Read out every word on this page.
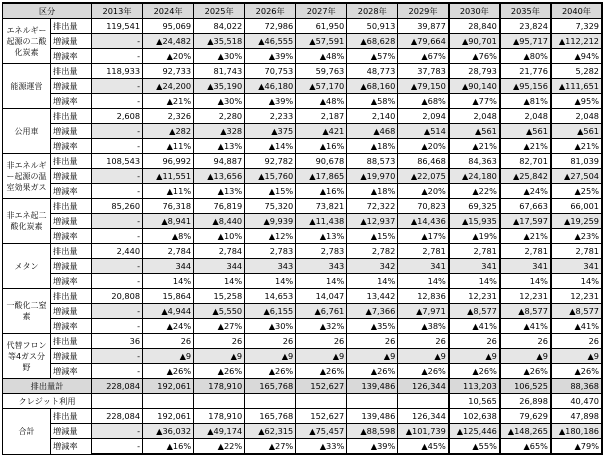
区分		2013年	2024年	2025年	2026年	2027年	2028年	2029年	2030年	2035年	2040年
エネルギー起源の二酸化炭素	排出量	119,541	95,069	84,022	72,986	61,950	50,913	39,877	28,840	23,824	7,329
	増減量	-	▲24,482	▲35,518	▲46,555	▲57,591	▲68,628	▲79,664	▲90,701	▲95,717	▲112,212
	増減率	-	▲20%	▲30%	▲39%	▲48%	▲57%	▲67%	▲76%	▲80%	▲94%
能源運営	排出量	118,933	92,733	81,743	70,753	59,763	48,773	37,783	28,793	21,776	5,282
	増減量	-	▲24,200	▲35,190	▲46,180	▲57,170	▲68,160	▲79,150	▲90,140	▲95,156	▲111,651
	増減率	-	▲21%	▲30%	▲39%	▲48%	▲58%	▲68%	▲77%	▲81%	▲95%
公用車	排出量	2,608	2,326	2,280	2,233	2,187	2,140	2,094	2,048	2,048	2,048
	増減量	-	▲282	▲328	▲375	▲421	▲468	▲514	▲561	▲561	▲561
	増減率	-	▲11%	▲13%	▲14%	▲16%	▲18%	▲20%	▲21%	▲21%	▲21%
非エネルギー起源の温室効果ガス	排出量	108,543	96,992	94,887	92,782	90,678	88,573	86,468	84,363	82,701	81,039
	増減量	-	▲11,551	▲13,656	▲15,760	▲17,865	▲19,970	▲22,075	▲24,180	▲25,842	▲27,504
	増減率	-	▲11%	▲13%	▲15%	▲16%	▲18%	▲20%	▲22%	▲24%	▲25%
非エネ起二酸化炭素	排出量	85,260	76,318	76,819	75,320	73,821	72,322	70,823	69,325	67,663	66,001
	増減量	-	▲8,941	▲8,440	▲9,939	▲11,438	▲12,937	▲14,436	▲15,935	▲17,597	▲19,259
	増減率	-	▲8%	▲10%	▲12%	▲13%	▲15%	▲17%	▲19%	▲21%	▲23%
メタン	排出量	2,440	2,784	2,784	2,783	2,783	2,782	2,781	2,781	2,781	2,781
	増減量	-	344	344	343	343	342	341	341	341	341
	増減率	-	14%	14%	14%	14%	14%	14%	14%	14%	14%
一酸化二窒素	排出量	20,808	15,864	15,258	14,653	14,047	13,442	12,836	12,231	12,231	12,231
	増減量	-	▲4,944	▲5,550	▲6,155	▲6,761	▲7,366	▲7,971	▲8,577	▲8,577	▲8,577
	増減率	-	▲24%	▲27%	▲30%	▲32%	▲35%	▲38%	▲41%	▲41%	▲41%
代替フロン等4ガス分野	排出量	36	26	26	26	26	26	26	26	26	26
	増減量	-	▲9	▲9	▲9	▲9	▲9	▲9	▲9	▲9	▲9
	増減率	-	▲26%	▲26%	▲26%	▲26%	▲26%	▲26%	▲26%	▲26%	▲26%
排出量計		228,084	192,061	178,910	165,768	152,627	139,486	126,344	113,203	106,525	88,368
クレジット利用									10,565	26,898	40,470
合計	排出量	228,084	192,061	178,910	165,768	152,627	139,486	126,344	102,638	79,629	47,898
	増減量	-	▲36,032	▲49,174	▲62,315	▲75,457	▲88,598	▲101,739	▲125,446	▲148,265	▲180,186
	増減率	-	▲16%	▲22%	▲27%	▲33%	▲39%	▲45%	▲55%	▲65%	▲79%
